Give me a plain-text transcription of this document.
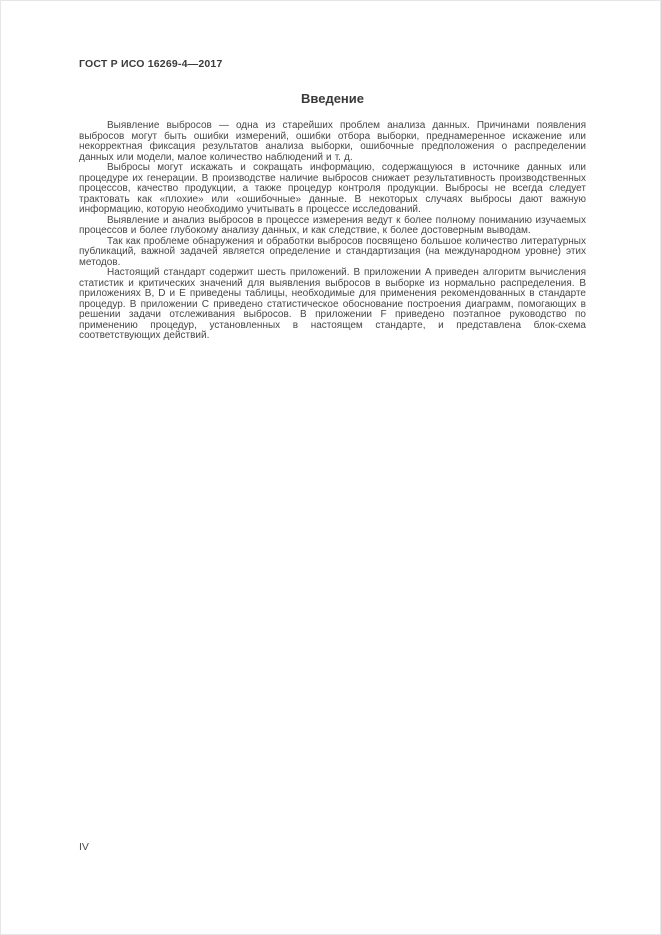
ГОСТ Р ИСО 16269-4—2017
Введение

Выявление выбросов — одна из старейших проблем анализа данных. Причинами появления выбросов могут быть ошибки измерений, ошибки отбора выборки, преднамеренное искажение или некорректная фиксация результатов анализа выборки, ошибочные предположения о распределении данных или модели, малое количество наблюдений и т. д.

Выбросы могут искажать и сокращать информацию, содержащуюся в источнике данных или процедуре их генерации. В производстве наличие выбросов снижает результативность производственных процессов, качество продукции, а также процедур контроля продукции. Выбросы не всегда следует трактовать как «плохие» или «ошибочные» данные. В некоторых случаях выбросы дают важную информацию, которую необходимо учитывать в процессе исследований.

Выявление и анализ выбросов в процессе измерения ведут к более полному пониманию изучаемых процессов и более глубокому анализу данных, и как следствие, к более достоверным выводам.

Так как проблеме обнаружения и обработки выбросов посвящено большое количество литературных публикаций, важной задачей является определение и стандартизация (на международном уровне) этих методов.

Настоящий стандарт содержит шесть приложений. В приложении A приведен алгоритм вычисления статистик и критических значений для выявления выбросов в выборке из нормально распределения. В приложениях B, D и E приведены таблицы, необходимые для применения рекомендованных в стандарте процедур. В приложении C приведено статистическое обоснование построения диаграмм, помогающих в решении задачи отслеживания выбросов. В приложении F приведено поэтапное руководство по применению процедур, установленных в настоящем стандарте, и представлена блок-схема соответствующих действий.

IV
